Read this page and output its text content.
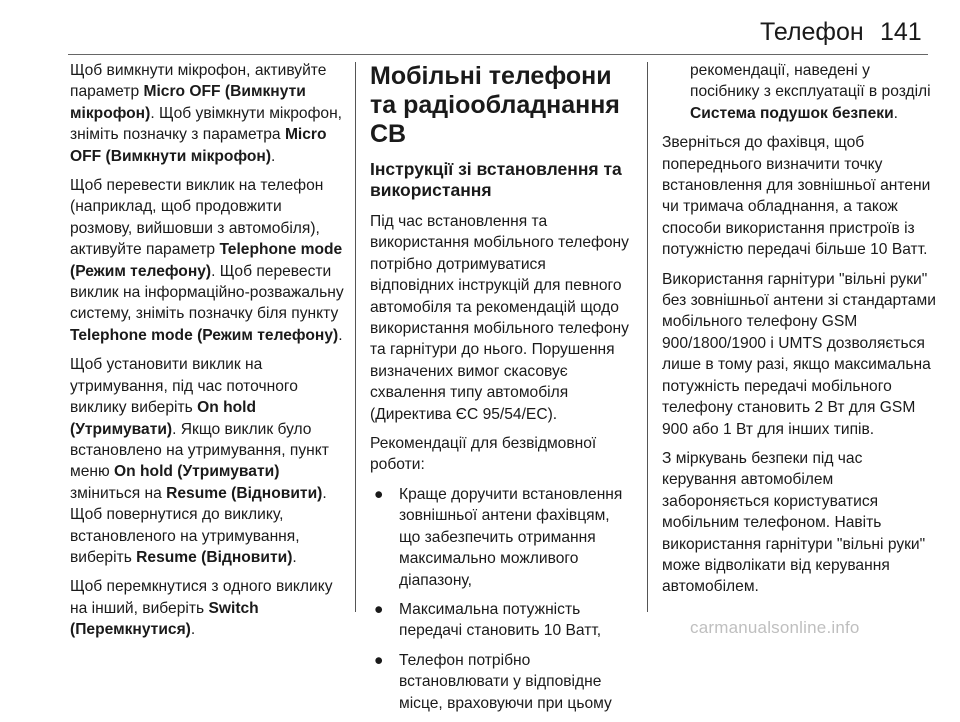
Телефон 141

Щоб вимкнути мікрофон, активуйте параметр Micro OFF (Вимкнути мікрофон). Щоб увімкнути мікрофон, зніміть позначку з параметра Micro OFF (Вимкнути мікрофон).

Щоб перевести виклик на телефон (наприклад, щоб продовжити розмову, вийшовши з автомобіля), активуйте параметр Telephone mode (Режим телефону). Щоб перевести виклик на інформаційно-розважальну систему, зніміть позначку біля пункту Telephone mode (Режим телефону).

Щоб установити виклик на утримування, під час поточного виклику виберіть On hold (Утримувати). Якщо виклик було встановлено на утримування, пункт меню On hold (Утримувати) зміниться на Resume (Відновити). Щоб повернутися до виклику, встановленого на утримування, виберіть Resume (Відновити).

Щоб перемкнутися з одного виклику на інший, виберіть Switch (Перемкнутися).

Мобільні телефони та радіообладнання CB
Інструкції зі встановлення та використання

Під час встановлення та використання мобільного телефону потрібно дотримуватися відповідних інструкцій для певного автомобіля та рекомендацій щодо використання мобільного телефону та гарнітури до нього. Порушення визначених вимог скасовує схвалення типу автомобіля (Директива ЄС 95/54/EC).

Рекомендації для безвідмовної роботи:

● Краще доручити встановлення зовнішньої антени фахівцям, що забезпечить отримання максимально можливого діапазону,
● Максимальна потужність передачі становить 10 Ватт,
● Телефон потрібно встановлювати у відповідне місце, враховуючи при цьому

рекомендації, наведені у посібнику з експлуатації в розділі Система подушок безпеки.

Зверніться до фахівця, щоб попереднього визначити точку встановлення для зовнішньої антени чи тримача обладнання, а також способи використання пристроїв із потужністю передачі більше 10 Ватт.

Використання гарнітури "вільні руки" без зовнішньої антени зі стандартами мобільного телефону GSM 900/1800/1900 і UMTS дозволяється лише в тому разі, якщо максимальна потужність передачі мобільного телефону становить 2 Вт для GSM 900 або 1 Вт для інших типів.

З міркувань безпеки під час керування автомобілем забороняється користуватися мобільним телефоном. Навіть використання гарнітури "вільні руки" може відволікати від керування автомобілем.

carmanualsonline.info
